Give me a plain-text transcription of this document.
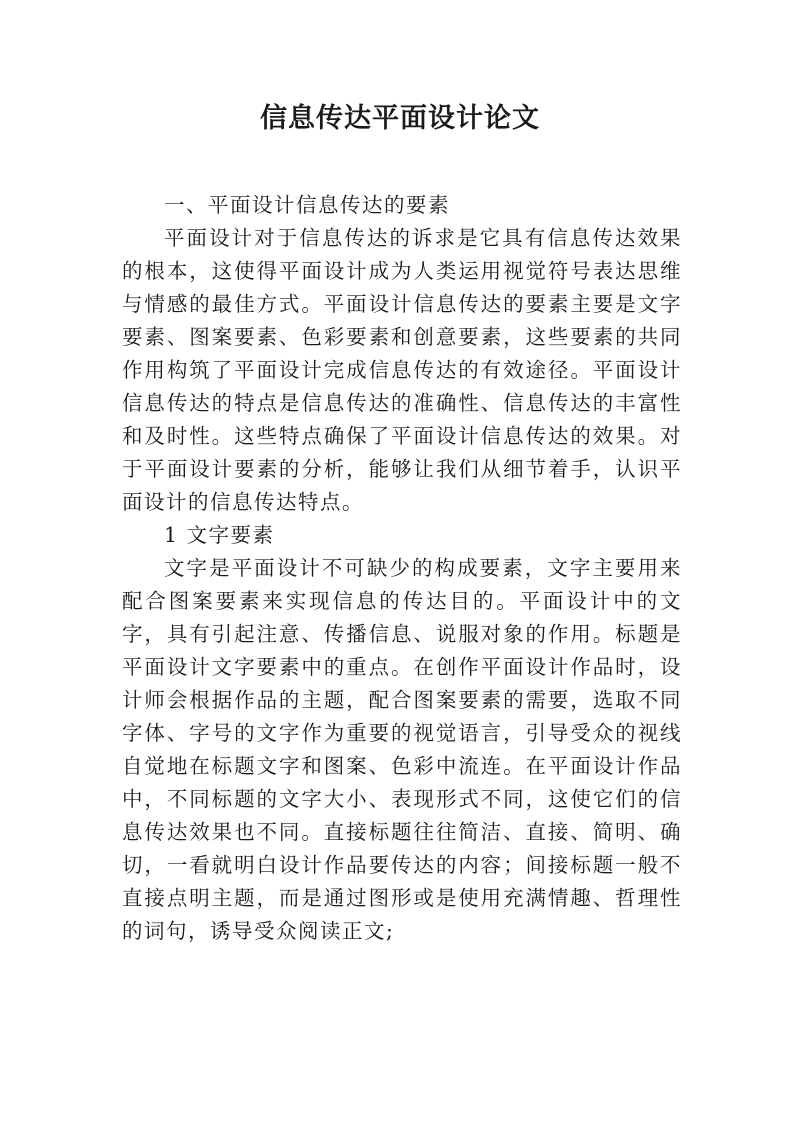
信息传达平面设计论文

一、平面设计信息传达的要素

平面设计对于信息传达的诉求是它具有信息传达效果的根本，这使得平面设计成为人类运用视觉符号表达思维与情感的最佳方式。平面设计信息传达的要素主要是文字要素、图案要素、色彩要素和创意要素，这些要素的共同作用构筑了平面设计完成信息传达的有效途径。平面设计信息传达的特点是信息传达的准确性、信息传达的丰富性和及时性。这些特点确保了平面设计信息传达的效果。对于平面设计要素的分析，能够让我们从细节着手，认识平面设计的信息传达特点。

1 文字要素

文字是平面设计不可缺少的构成要素，文字主要用来配合图案要素来实现信息的传达目的。平面设计中的文字，具有引起注意、传播信息、说服对象的作用。标题是平面设计文字要素中的重点。在创作平面设计作品时，设计师会根据作品的主题，配合图案要素的需要，选取不同字体、字号的文字作为重要的视觉语言，引导受众的视线自觉地在标题文字和图案、色彩中流连。在平面设计作品中，不同标题的文字大小、表现形式不同，这使它们的信息传达效果也不同。直接标题往往简洁、直接、简明、确切，一看就明白设计作品要传达的内容；间接标题一般不直接点明主题，而是通过图形或是使用充满情趣、哲理性的词句，诱导受众阅读正文;
